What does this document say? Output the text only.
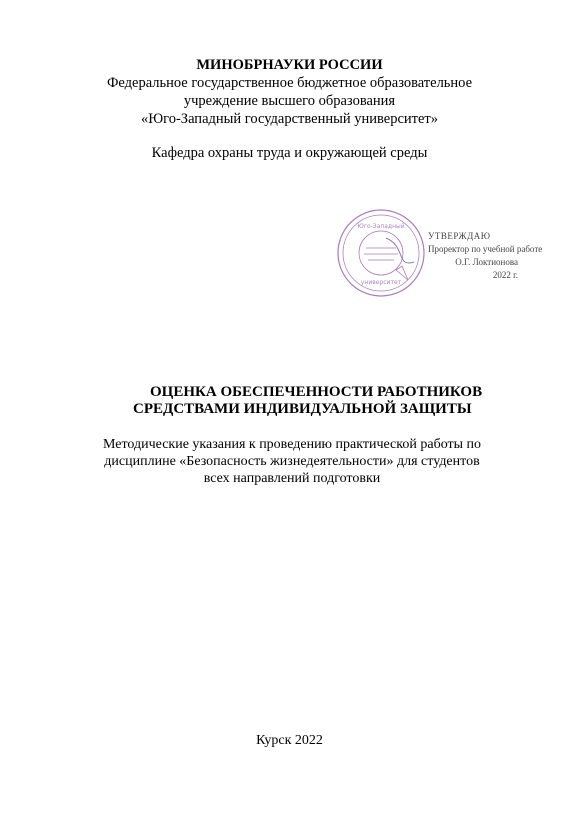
МИНОБРНАУКИ РОССИИ
Федеральное государственное бюджетное образовательное
учреждение высшего образования
«Юго-Западный государственный университет»
Кафедра охраны труда и окружающей среды
Юго-Западный
университет
УТВЕРЖДАЮ
Проректор по учебной работе
О.Г. Локтионова
2022 г.
ОЦЕНКА ОБЕСПЕЧЕННОСТИ РАБОТНИКОВ
СРЕДСТВАМИ ИНДИВИДУАЛЬНОЙ ЗАЩИТЫ
Методические указания к проведению практической работы по
дисциплине «Безопасность жизнедеятельности» для студентов
всех направлений подготовки
Курск 2022
